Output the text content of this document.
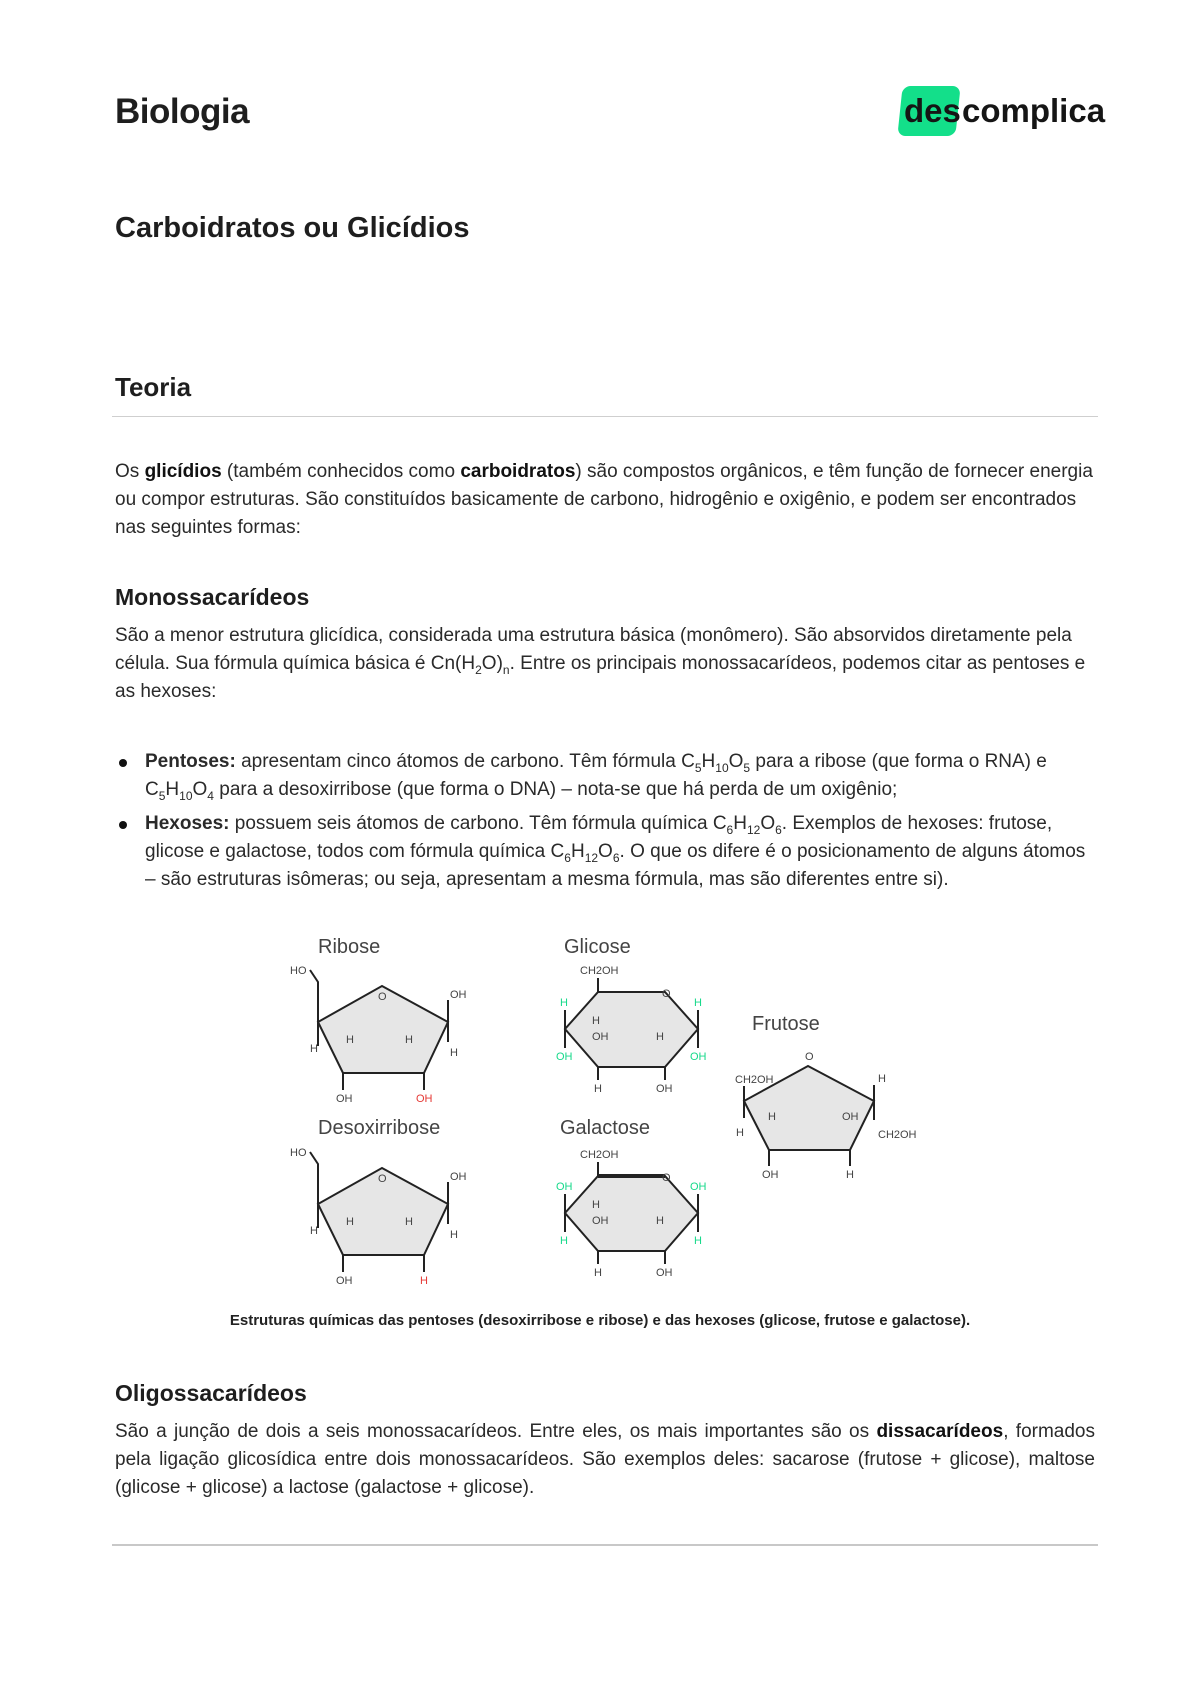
Biologia	des complica
Carboidratos ou Glicídios
Teoria
Os glicídios (também conhecidos como carboidratos) são compostos orgânicos, e têm função de fornecer energia ou compor estruturas. São constituídos basicamente de carbono, hidrogênio e oxigênio, e podem ser encontrados nas seguintes formas:
Monossacarídeos
São a menor estrutura glicídica, considerada uma estrutura básica (monômero). São absorvidos diretamente pela célula. Sua fórmula química básica é $Cn(H_2O)_n$. Entre os principais monossacarídeos, podemos citar as pentoses e as hexoses:
Pentoses: apresentam cinco átomos de carbono. Têm fórmula $C_5H_{10}O_5$ para a ribose (que forma o RNA) e $C_5H_{10}O_4$ para a desoxirribose (que forma o DNA) – nota-se que há perda de um oxigênio;
Hexoses: possuem seis átomos de carbono. Têm fórmula química $C_6H_{12}O_6$. Exemplos de hexoses: frutose, glicose e galactose, todos com fórmula química $C_6H_{12}O_6$. O que os difere é o posicionamento de alguns átomos – são estruturas isômeras; ou seja, apresentam a mesma fórmula, mas são diferentes entre si).
Ribose
HO
O	OH
H
H
H	H
OH	OH
Desoxirribose
HO
O	OH
H
H
H	H
OH	H
Glicose
CH2OH
O
H	H
H
OH	H
OH	OH
H	OH
Galactose
CH2OH
O
OH	OH
H
OH	H
H	H
H	OH
Frutose
CH2OH
O
H
H	OH
H	CH2OH
OH	H
Estruturas químicas das pentoses (desoxirribose e ribose) e das hexoses (glicose, frutose e galactose).
Oligossacarídeos
São a junção de dois a seis monossacarídeos. Entre eles, os mais importantes são os dissacarídeos, formados pela ligação glicosídica entre dois monossacarídeos. São exemplos deles: sacarose (frutose + glicose), maltose (glicose + glicose) a lactose (galactose + glicose).
